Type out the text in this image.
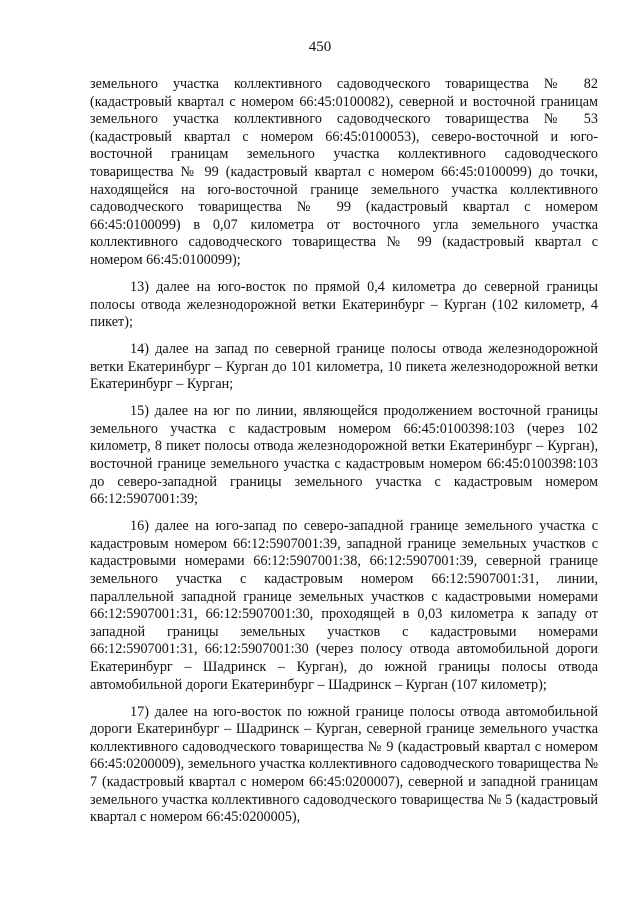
450

земельного участка коллективного садоводческого товарищества № 82 (кадастровый квартал с номером 66:45:0100082), северной и восточной границам земельного участка коллективного садоводческого товарищества № 53 (кадастровый квартал с номером 66:45:0100053), северо-восточной и юго-восточной границам земельного участка коллективного садоводческого товарищества № 99 (кадастровый квартал с номером 66:45:0100099) до точки, находящейся на юго-восточной границе земельного участка коллективного садоводческого товарищества № 99 (кадастровый квартал с номером 66:45:0100099) в 0,07 километра от восточного угла земельного участка коллективного садоводческого товарищества № 99 (кадастровый квартал с номером 66:45:0100099);

13) далее на юго-восток по прямой 0,4 километра до северной границы полосы отвода железнодорожной ветки Екатеринбург – Курган (102 километр, 4 пикет);

14) далее на запад по северной границе полосы отвода железнодорожной ветки Екатеринбург – Курган до 101 километра, 10 пикета железнодорожной ветки Екатеринбург – Курган;

15) далее на юг по линии, являющейся продолжением восточной границы земельного участка с кадастровым номером 66:45:0100398:103 (через 102 километр, 8 пикет полосы отвода железнодорожной ветки Екатеринбург – Курган), восточной границе земельного участка с кадастровым номером 66:45:0100398:103 до северо-западной границы земельного участка с кадастровым номером 66:12:5907001:39;

16) далее на юго-запад по северо-западной границе земельного участка с кадастровым номером 66:12:5907001:39, западной границе земельных участков с кадастровыми номерами 66:12:5907001:38, 66:12:5907001:39, северной границе земельного участка с кадастровым номером 66:12:5907001:31, линии, параллельной западной границе земельных участков с кадастровыми номерами 66:12:5907001:31, 66:12:5907001:30, проходящей в 0,03 километра к западу от западной границы земельных участков с кадастровыми номерами 66:12:5907001:31, 66:12:5907001:30 (через полосу отвода автомобильной дороги Екатеринбург – Шадринск – Курган), до южной границы полосы отвода автомобильной дороги Екатеринбург – Шадринск – Курган (107 километр);

17) далее на юго-восток по южной границе полосы отвода автомобильной дороги Екатеринбург – Шадринск – Курган, северной границе земельного участка коллективного садоводческого товарищества № 9 (кадастровый квартал с номером 66:45:0200009), земельного участка коллективного садоводческого товарищества № 7 (кадастровый квартал с номером 66:45:0200007), северной и западной границам земельного участка коллективного садоводческого товарищества № 5 (кадастровый квартал с номером 66:45:0200005),
